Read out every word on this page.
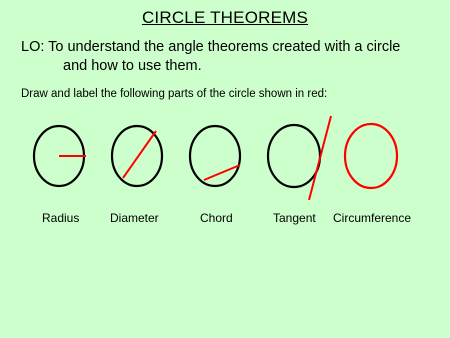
CIRCLE THEOREMS
LO: To understand the angle theorems created with a circle
and how to use them.
Draw and label the following parts of the circle shown in red:
Radius	Diameter	Chord	Tangent Circumference
